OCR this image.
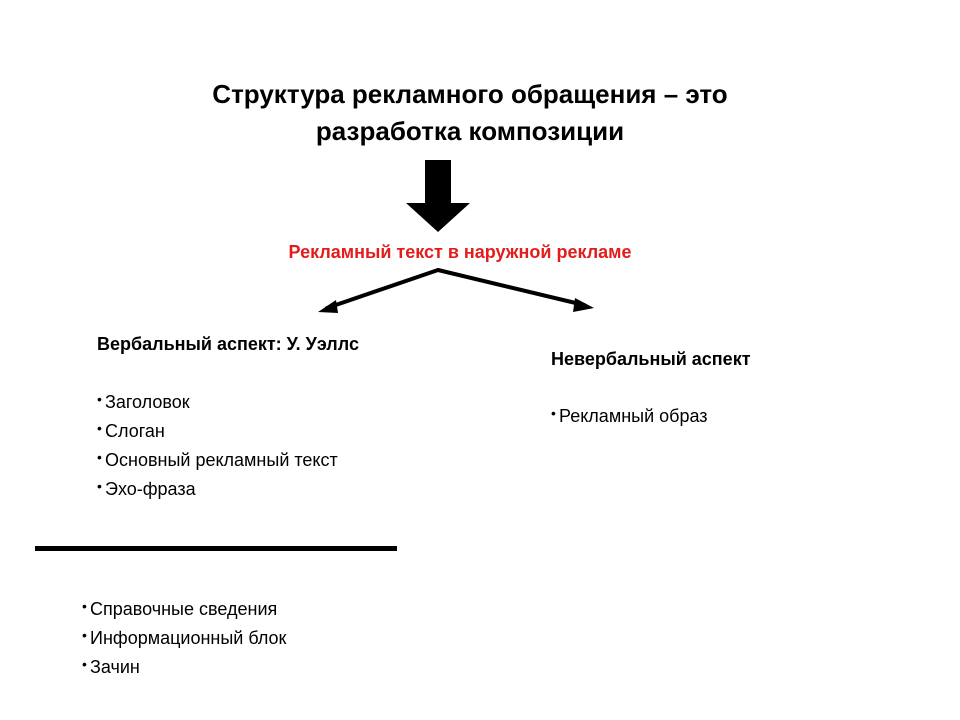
Структура рекламного обращения – это
разработка композиции
Рекламный текст в наружной рекламе
Вербальный аспект: У. Уэллс
• Заголовок
• Слоган
• Основный рекламный текст
• Эхо-фраза
Невербальный аспект
• Рекламный образ
• Справочные сведения
• Информационный блок
• Зачин
